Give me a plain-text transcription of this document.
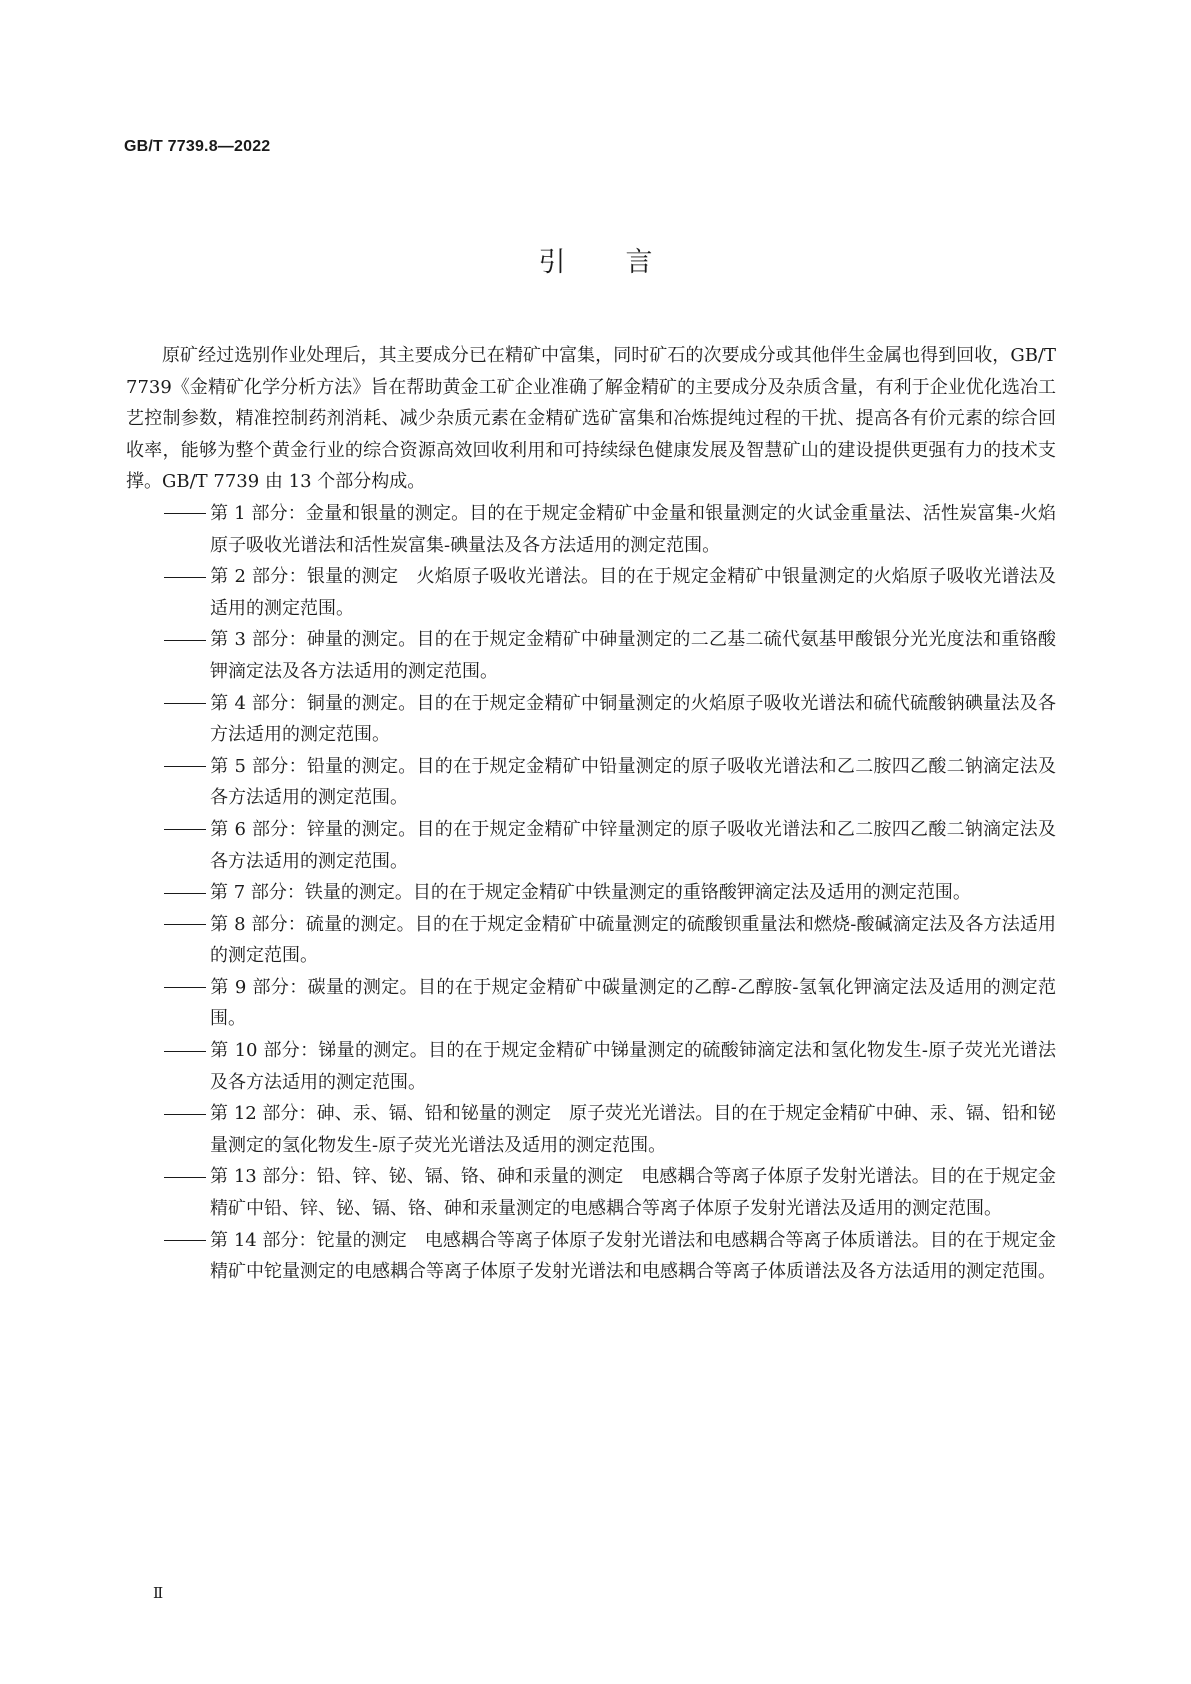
GB/T 7739.8—2022
引言

原矿经过选别作业处理后，其主要成分已在精矿中富集，同时矿石的次要成分或其他伴生金属也得到回收，GB/T 7739《金精矿化学分析方法》旨在帮助黄金工矿企业准确了解金精矿的主要成分及杂质含量，有利于企业优化选冶工艺控制参数，精准控制药剂消耗、减少杂质元素在金精矿选矿富集和冶炼提纯过程的干扰、提高各有价元素的综合回收率，能够为整个黄金行业的综合资源高效回收利用和可持续绿色健康发展及智慧矿山的建设提供更强有力的技术支撑。GB/T 7739 由 13 个部分构成。

第 1 部分：金量和银量的测定。目的在于规定金精矿中金量和银量测定的火试金重量法、活性炭富集-火焰原子吸收光谱法和活性炭富集-碘量法及各方法适用的测定范围。

第 2 部分：银量的测定　火焰原子吸收光谱法。目的在于规定金精矿中银量测定的火焰原子吸收光谱法及适用的测定范围。

第 3 部分：砷量的测定。目的在于规定金精矿中砷量测定的二乙基二硫代氨基甲酸银分光光度法和重铬酸钾滴定法及各方法适用的测定范围。

第 4 部分：铜量的测定。目的在于规定金精矿中铜量测定的火焰原子吸收光谱法和硫代硫酸钠碘量法及各方法适用的测定范围。

第 5 部分：铅量的测定。目的在于规定金精矿中铅量测定的原子吸收光谱法和乙二胺四乙酸二钠滴定法及各方法适用的测定范围。

第 6 部分：锌量的测定。目的在于规定金精矿中锌量测定的原子吸收光谱法和乙二胺四乙酸二钠滴定法及各方法适用的测定范围。

第 7 部分：铁量的测定。目的在于规定金精矿中铁量测定的重铬酸钾滴定法及适用的测定范围。

第 8 部分：硫量的测定。目的在于规定金精矿中硫量测定的硫酸钡重量法和燃烧-酸碱滴定法及各方法适用的测定范围。

第 9 部分：碳量的测定。目的在于规定金精矿中碳量测定的乙醇-乙醇胺-氢氧化钾滴定法及适用的测定范围。

第 10 部分：锑量的测定。目的在于规定金精矿中锑量测定的硫酸铈滴定法和氢化物发生-原子荧光光谱法及各方法适用的测定范围。

第 12 部分：砷、汞、镉、铅和铋量的测定　原子荧光光谱法。目的在于规定金精矿中砷、汞、镉、铅和铋量测定的氢化物发生-原子荧光光谱法及适用的测定范围。

第 13 部分：铅、锌、铋、镉、铬、砷和汞量的测定　电感耦合等离子体原子发射光谱法。目的在于规定金精矿中铅、锌、铋、镉、铬、砷和汞量测定的电感耦合等离子体原子发射光谱法及适用的测定范围。

第 14 部分：铊量的测定　电感耦合等离子体原子发射光谱法和电感耦合等离子体质谱法。目的在于规定金精矿中铊量测定的电感耦合等离子体原子发射光谱法和电感耦合等离子体质谱法及各方法适用的测定范围。

Ⅱ
